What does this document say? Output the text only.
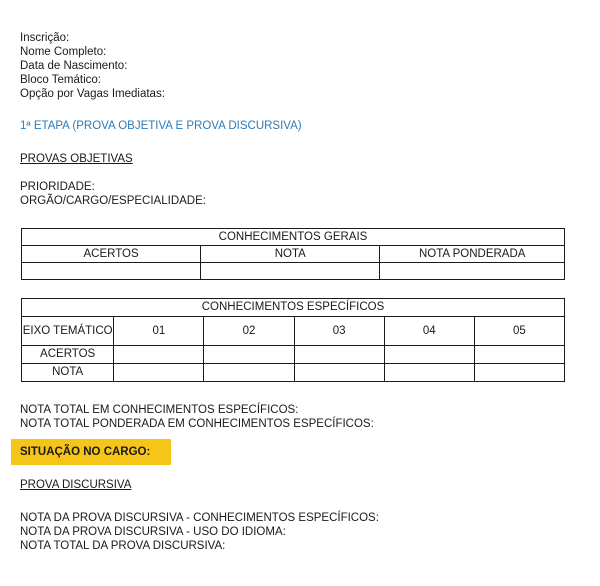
Inscrição:
Nome Completo:
Data de Nascimento:
Bloco Temático:
Opção por Vagas Imediatas:
1ª ETAPA (PROVA OBJETIVA E PROVA DISCURSIVA)
PROVAS OBJETIVAS
PRIORIDADE:
ORGÃO/CARGO/ESPECIALIDADE:
CONHECIMENTOS GERAIS		
ACERTOS	NOTA	NOTA PONDERADA

CONHECIMENTOS ESPECÍFICOS					
EIXO TEMÁTICO	01	02	03	04	05
ACERTOS					
NOTA					
NOTA TOTAL EM CONHECIMENTOS ESPECÍFICOS:
NOTA TOTAL PONDERADA EM CONHECIMENTOS ESPECÍFICOS:
SITUAÇÃO NO CARGO:
PROVA DISCURSIVA
NOTA DA PROVA DISCURSIVA - CONHECIMENTOS ESPECÍFICOS:
NOTA DA PROVA DISCURSIVA - USO DO IDIOMA:
NOTA TOTAL DA PROVA DISCURSIVA:
